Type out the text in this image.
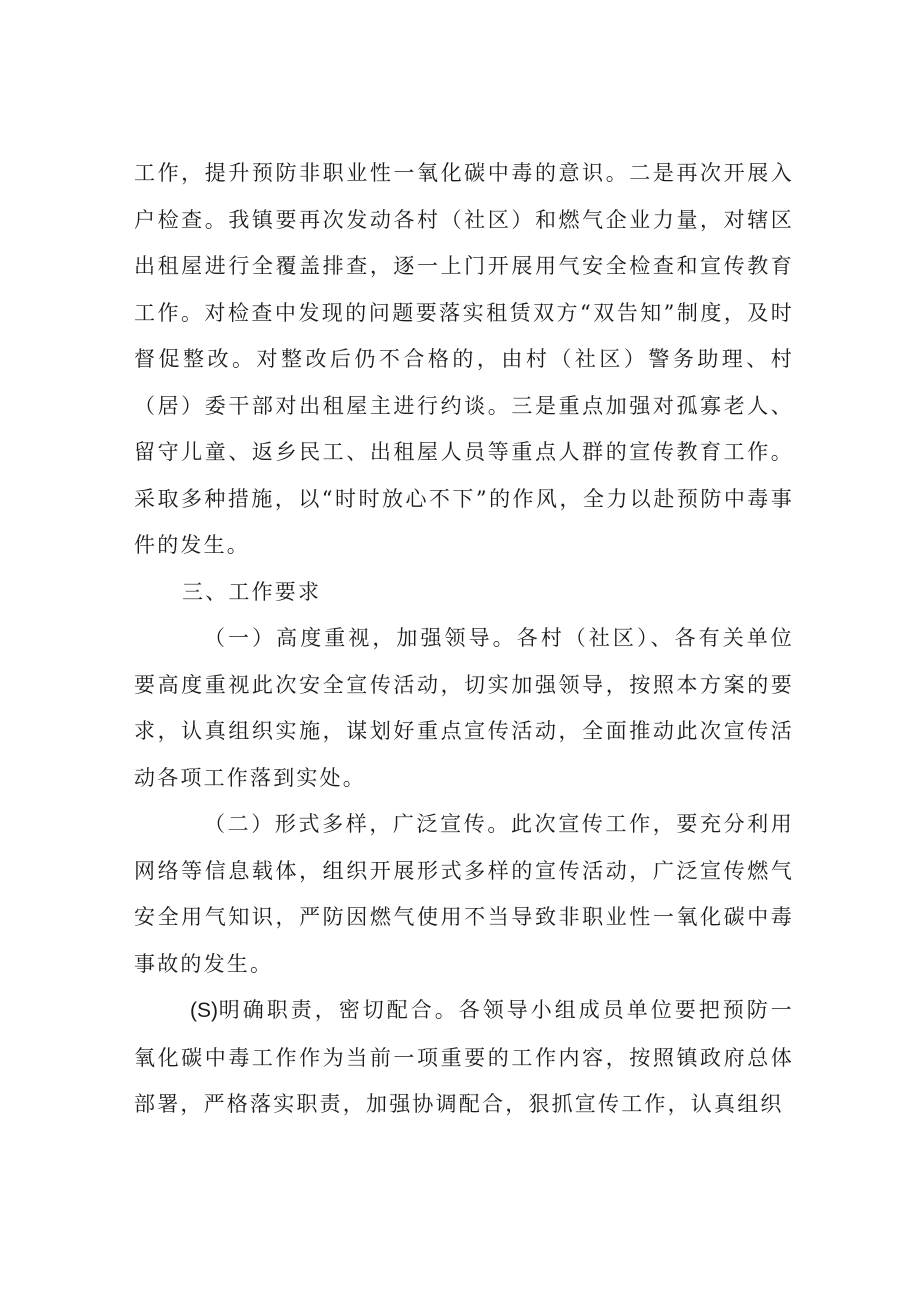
工作，提升预防非职业性一氧化碳中毒的意识。二是再次开展入户检查。我镇要再次发动各村（社区）和燃气企业力量，对辖区出租屋进行全覆盖排查，逐一上门开展用气安全检查和宣传教育工作。对检查中发现的问题要落实租赁双方“双告知”制度，及时督促整改。对整改后仍不合格的，由村（社区）警务助理、村（居）委干部对出租屋主进行约谈。三是重点加强对孤寡老人、留守儿童、返乡民工、出租屋人员等重点人群的宣传教育工作。采取多种措施，以“时时放心不下”的作风，全力以赴预防中毒事件的发生。

三、工作要求

（一）高度重视，加强领导。各村（社区）、各有关单位要高度重视此次安全宣传活动，切实加强领导，按照本方案的要求，认真组织实施，谋划好重点宣传活动，全面推动此次宣传活动各项工作落到实处。

（二）形式多样，广泛宣传。此次宣传工作，要充分利用网络等信息载体，组织开展形式多样的宣传活动，广泛宣传燃气安全用气知识，严防因燃气使用不当导致非职业性一氧化碳中毒事故的发生。

(S)明确职责，密切配合。各领导小组成员单位要把预防一氧化碳中毒工作作为当前一项重要的工作内容，按照镇政府总体部署，严格落实职责，加强协调配合，狠抓宣传工作，认真组织
